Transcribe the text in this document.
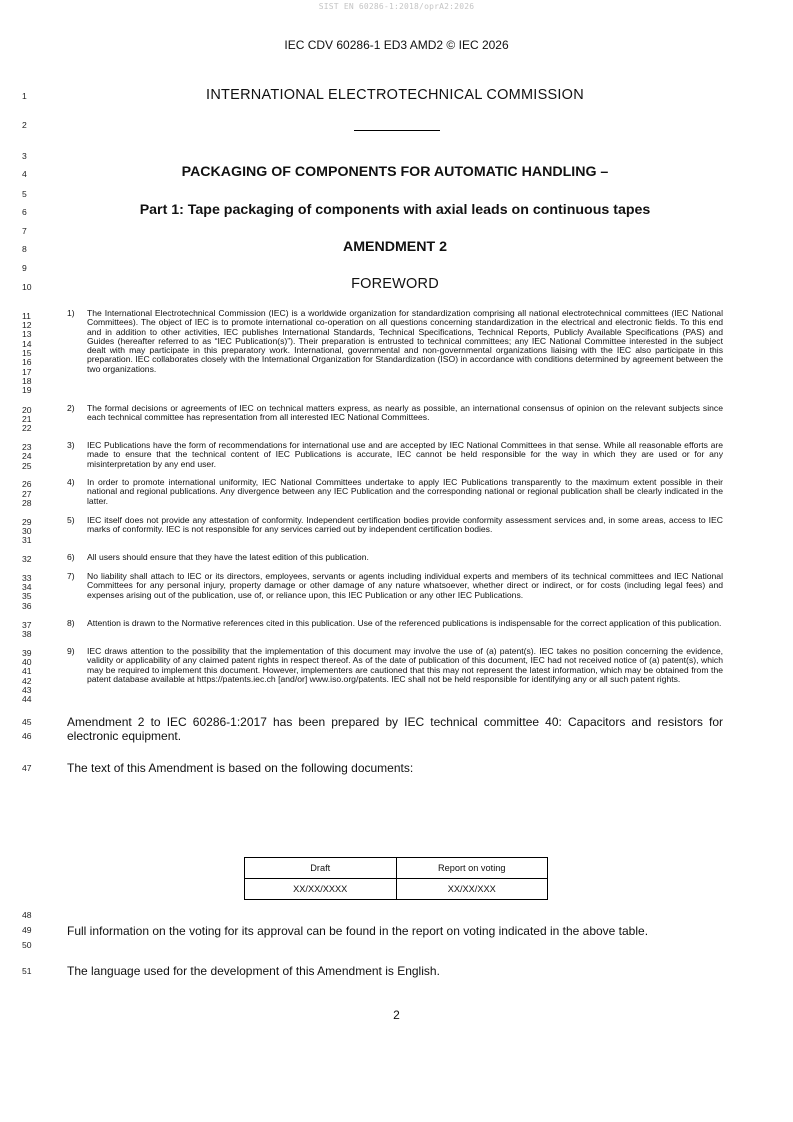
SIST EN 60286-1:2018/oprA2:2026
IEC CDV 60286-1 ED3 AMD2 © IEC 2026
1
2
3
4
5
6
7
8
9
10
11
12
13
14
15
16
17
18
19
20
21
22
23
24
25
26
27
28
29
30
31
32
33
34
35
36
37
38
39
40
41
42
43
44
45
46
47
48
49
50
51
INTERNATIONAL ELECTROTECHNICAL COMMISSION
PACKAGING OF COMPONENTS FOR AUTOMATIC HANDLING –
Part 1: Tape packaging of components with axial leads on continuous tapes
AMENDMENT 2
FOREWORD
1) The International Electrotechnical Commission (IEC) is a worldwide organization for standardization comprising all national electrotechnical committees (IEC National Committees). The object of IEC is to promote international co-operation on all questions concerning standardization in the electrical and electronic fields. To this end and in addition to other activities, IEC publishes International Standards, Technical Specifications, Technical Reports, Publicly Available Specifications (PAS) and Guides (hereafter referred to as “IEC Publication(s)”). Their preparation is entrusted to technical committees; any IEC National Committee interested in the subject dealt with may participate in this preparatory work. International, governmental and non-governmental organizations liaising with the IEC also participate in this preparation. IEC collaborates closely with the International Organization for Standardization (ISO) in accordance with conditions determined by agreement between the two organizations.
2) The formal decisions or agreements of IEC on technical matters express, as nearly as possible, an international consensus of opinion on the relevant subjects since each technical committee has representation from all interested IEC National Committees.
3) IEC Publications have the form of recommendations for international use and are accepted by IEC National Committees in that sense. While all reasonable efforts are made to ensure that the technical content of IEC Publications is accurate, IEC cannot be held responsible for the way in which they are used or for any misinterpretation by any end user.
4) In order to promote international uniformity, IEC National Committees undertake to apply IEC Publications transparently to the maximum extent possible in their national and regional publications. Any divergence between any IEC Publication and the corresponding national or regional publication shall be clearly indicated in the latter.
5) IEC itself does not provide any attestation of conformity. Independent certification bodies provide conformity assessment services and, in some areas, access to IEC marks of conformity. IEC is not responsible for any services carried out by independent certification bodies.
6) All users should ensure that they have the latest edition of this publication.
7) No liability shall attach to IEC or its directors, employees, servants or agents including individual experts and members of its technical committees and IEC National Committees for any personal injury, property damage or other damage of any nature whatsoever, whether direct or indirect, or for costs (including legal fees) and expenses arising out of the publication, use of, or reliance upon, this IEC Publication or any other IEC Publications.
8) Attention is drawn to the Normative references cited in this publication. Use of the referenced publications is indispensable for the correct application of this publication.
9) IEC draws attention to the possibility that the implementation of this document may involve the use of (a) patent(s). IEC takes no position concerning the evidence, validity or applicability of any claimed patent rights in respect thereof. As of the date of publication of this document, IEC had not received notice of (a) patent(s), which may be required to implement this document. However, implementers are cautioned that this may not represent the latest information, which may be obtained from the patent database available at https://patents.iec.ch [and/or] www.iso.org/patents. IEC shall not be held responsible for identifying any or all such patent rights.
Amendment 2 to IEC 60286-1:2017 has been prepared by IEC technical committee 40: Capacitors and resistors for electronic equipment.
The text of this Amendment is based on the following documents:
Draft	Report on voting
XX/XX/XXXX	XX/XX/XXX
Full information on the voting for its approval can be found in the report on voting indicated in the above table.
The language used for the development of this Amendment is English.
2
